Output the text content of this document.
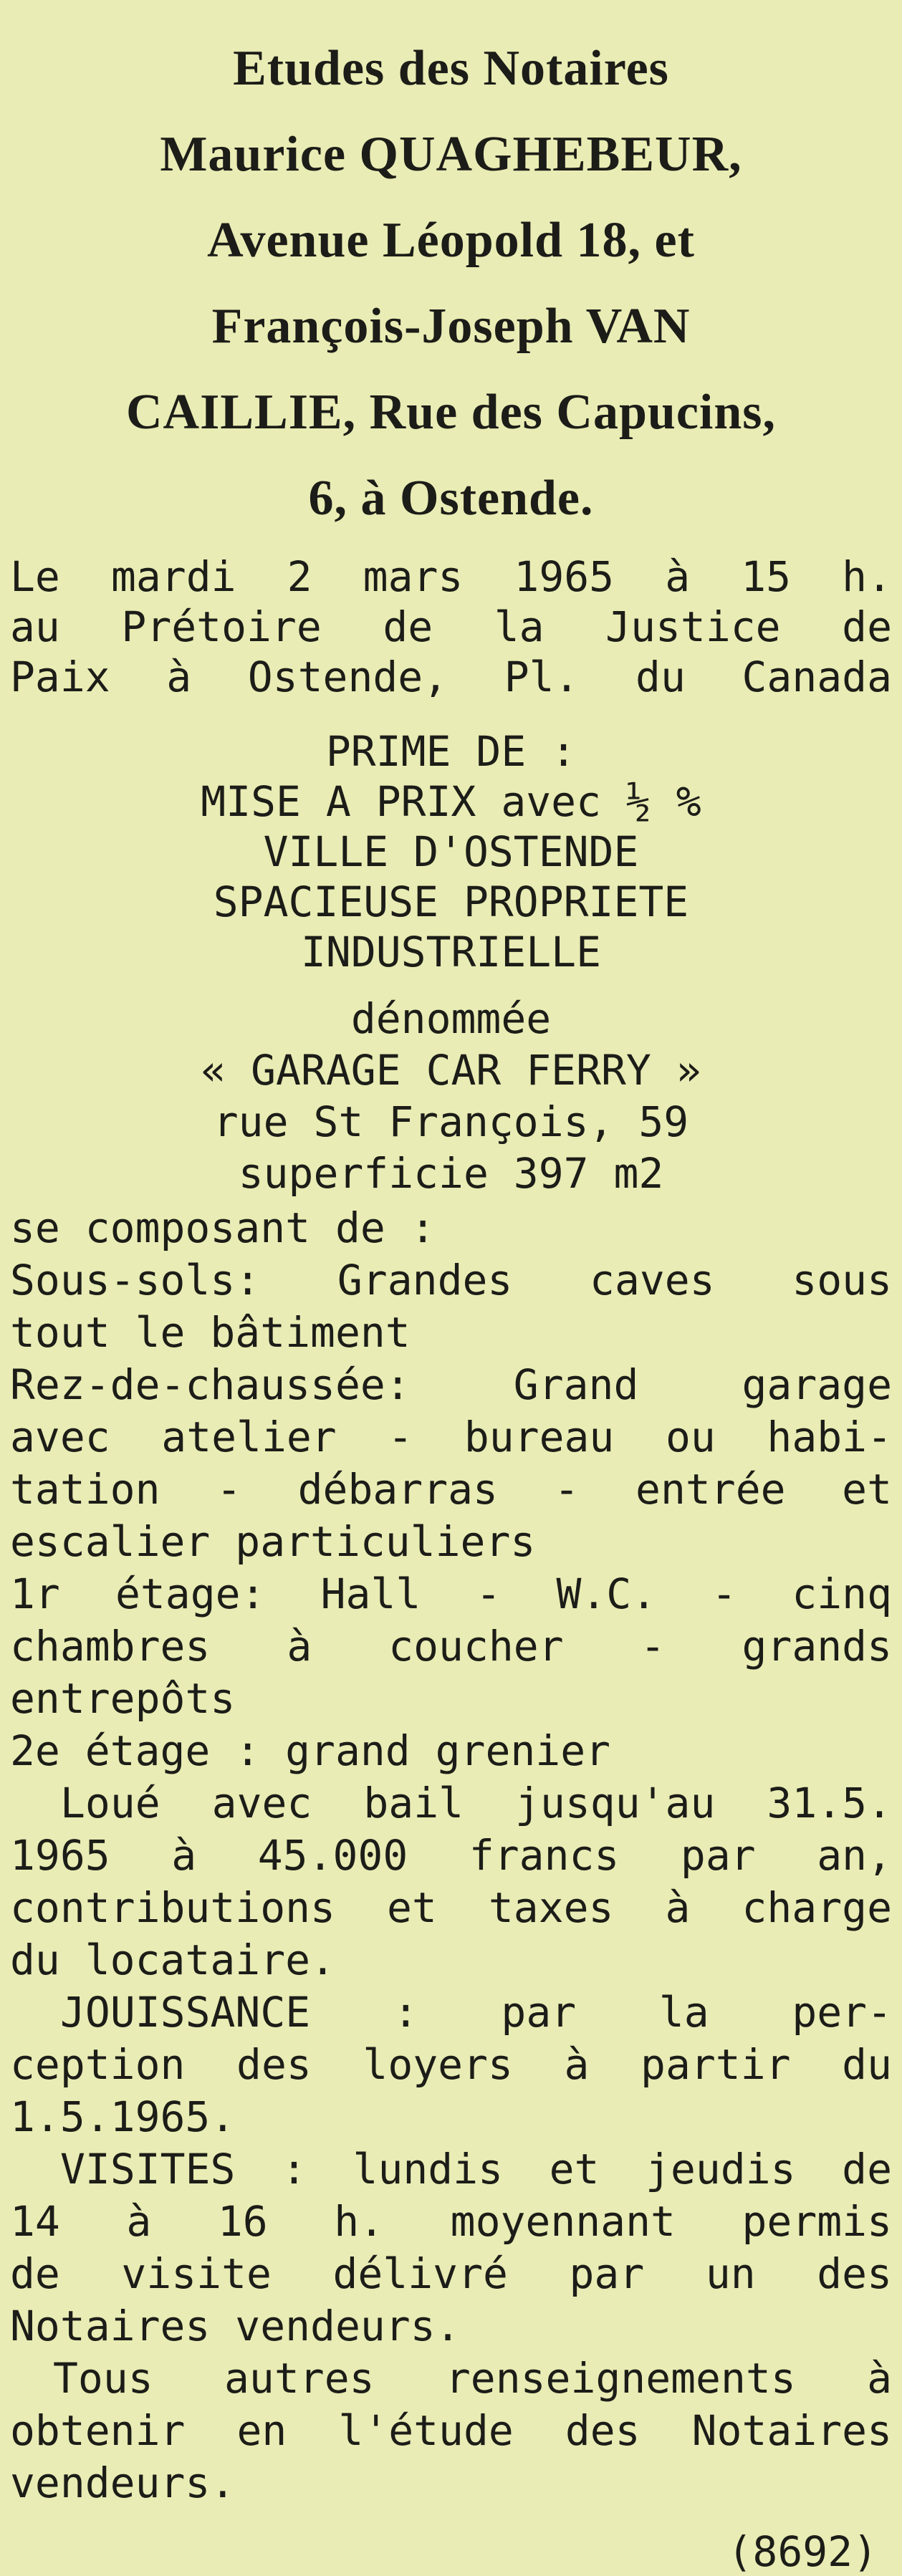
Etudes des Notaires
Maurice QUAGHEBEUR,
Avenue Léopold 18, et
François-Joseph VAN
CAILLIE, Rue des Capucins,
6, à Ostende.
Le mardi 2 mars 1965 à 15 h.
au Prétoire de la Justice de
Paix à Ostende, Pl. du Canada
PRIME DE :
MISE A PRIX avec ½ %
VILLE D'OSTENDE
SPACIEUSE PROPRIETE
INDUSTRIELLE
dénommée
« GARAGE CAR FERRY »
rue St François, 59
superficie 397 m2
se composant de :
Sous-sols: Grandes caves sous
tout le bâtiment
Rez-de-chaussée: Grand garage
avec atelier - bureau ou habi-
tation - débarras - entrée et
escalier particuliers
1r étage: Hall - W.C. - cinq
chambres à coucher - grands
entrepôts
2e étage : grand grenier
Loué avec bail jusqu'au 31.5.
1965 à 45.000 francs par an,
contributions et taxes à charge
du locataire.
JOUISSANCE : par la per-
ception des loyers à partir du
1.5.1965.
VISITES : lundis et jeudis de
14 à 16 h. moyennant permis
de visite délivré par un des
Notaires vendeurs.
Tous autres renseignements à
obtenir en l'étude des Notaires
vendeurs.
(8692)
